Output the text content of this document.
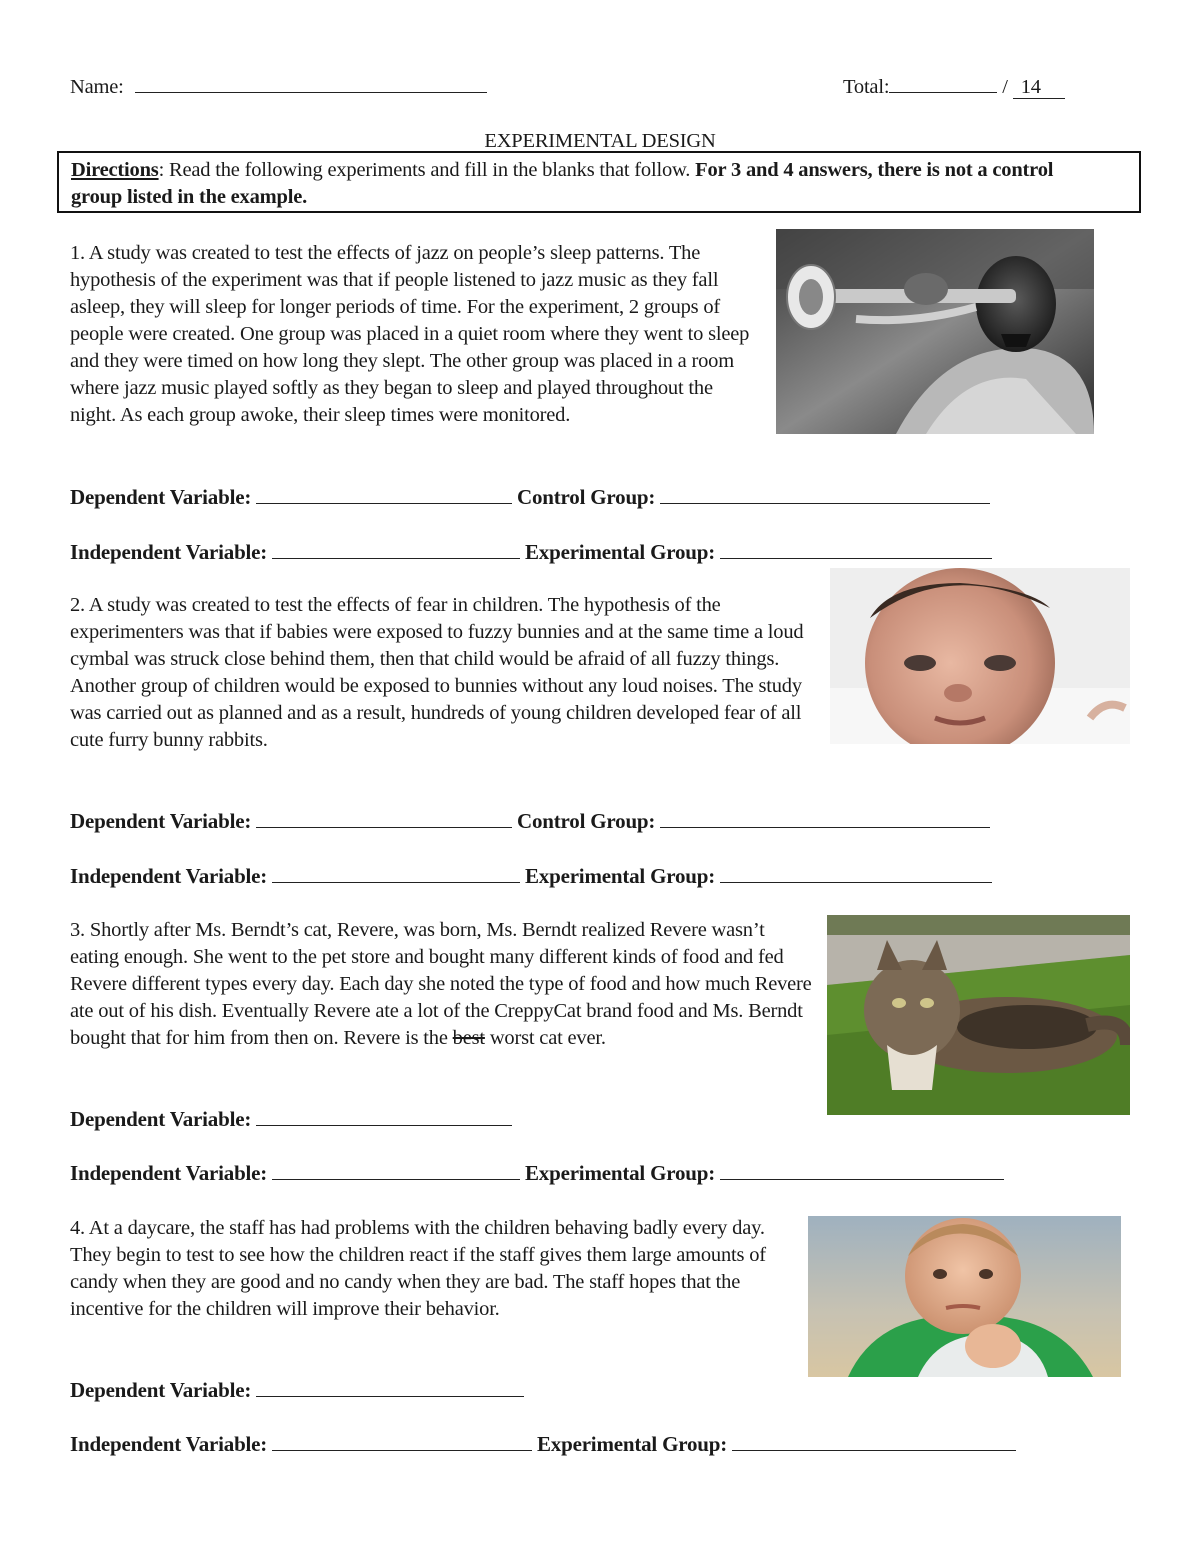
Name:	Total:	/ 14
EXPERIMENTAL DESIGN
Directions: Read the following experiments and fill in the blanks that follow. For 3 and 4 answers, there is not a control group listed in the example.
1. A study was created to test the effects of jazz on people’s sleep patterns. The hypothesis of the experiment was that if people listened to jazz music as they fall asleep, they will sleep for longer periods of time. For the experiment, 2 groups of people were created. One group was placed in a quiet room where they went to sleep and they were timed on how long they slept. The other group was placed in a room where jazz music played softly as they began to sleep and played throughout the night. As each group awoke, their sleep times were monitored.
Dependent Variable:	Control Group:
Independent Variable:	Experimental Group:
2. A study was created to test the effects of fear in children. The hypothesis of the experimenters was that if babies were exposed to fuzzy bunnies and at the same time a loud cymbal was struck close behind them, then that child would be afraid of all fuzzy things. Another group of children would be exposed to bunnies without any loud noises. The study was carried out as planned and as a result, hundreds of young children developed fear of all cute furry bunny rabbits.
Dependent Variable:	Control Group:
Independent Variable:	Experimental Group:
3. Shortly after Ms. Berndt’s cat, Revere, was born, Ms. Berndt realized Revere wasn’t eating enough. She went to the pet store and bought many different kinds of food and fed Revere different types every day. Each day she noted the type of food and how much Revere ate out of his dish. Eventually Revere ate a lot of the CreppyCat brand food and Ms. Berndt bought that for him from then on. Revere is the best worst cat ever.
Dependent Variable:
Independent Variable:	Experimental Group:
4. At a daycare, the staff has had problems with the children behaving badly every day. They begin to test to see how the children react if the staff gives them large amounts of candy when they are good and no candy when they are bad. The staff hopes that the incentive for the children will improve their behavior.
Dependent Variable:
Independent Variable:	Experimental Group:
